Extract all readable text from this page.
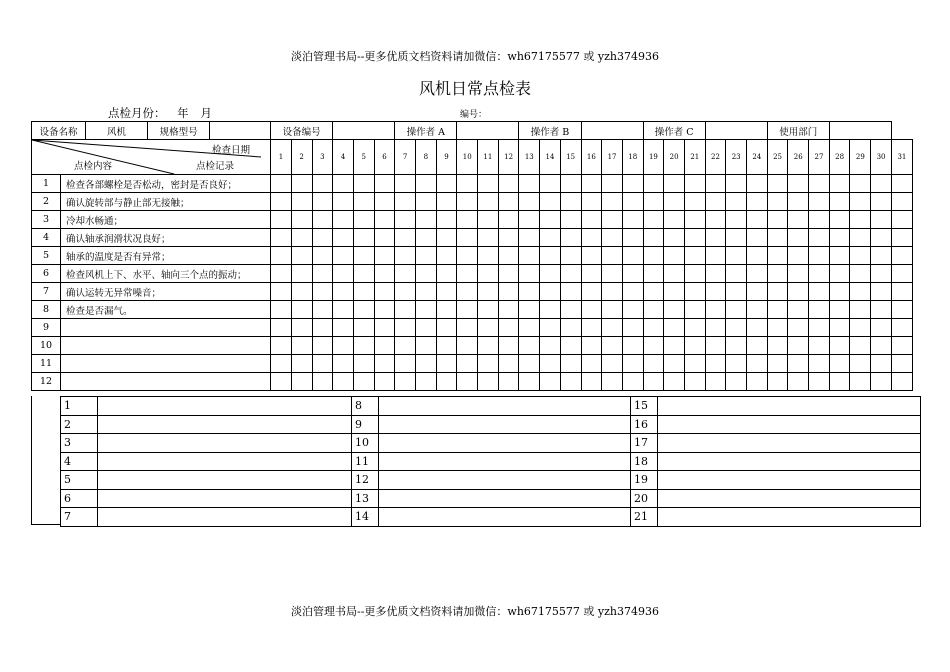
淡泊管理书局--更多优质文档资料请加微信：wh67175577 或 yzh374936
风机日常点检表
点检月份： 年 月	编号：
设备名称		风机	规格型号		设备编号						操作者 A						操作者 B						操作者 C						使用部门						

检查日期
点检记录
点检内容					1	2	3	4	5	6	7	8	9	10	11	12	13	14	15	16	17	18	19	20	21	22	23	24	25	26	27	28	29	30	31
1	检查各部螺栓是否松动，密封是否良好；																																		
2	确认旋转部与静止部无接触；																																		
3	冷却水畅通；																																		
4	确认轴承润滑状况良好；																																		
5	轴承的温度是否有异常；																																		
6	检查风机上下、水平、轴向三个点的振动；																																		
7	确认运转无异常噪音；																																		
8	检查是否漏气。																																		
9																																			
10																																			
11																																			
12																																			
1		8		15	
2		9		16	
3		10		17	
4		11		18	
5		12		19	
6		13		20	
7		14		21	
淡泊管理书局--更多优质文档资料请加微信：wh67175577 或 yzh374936
